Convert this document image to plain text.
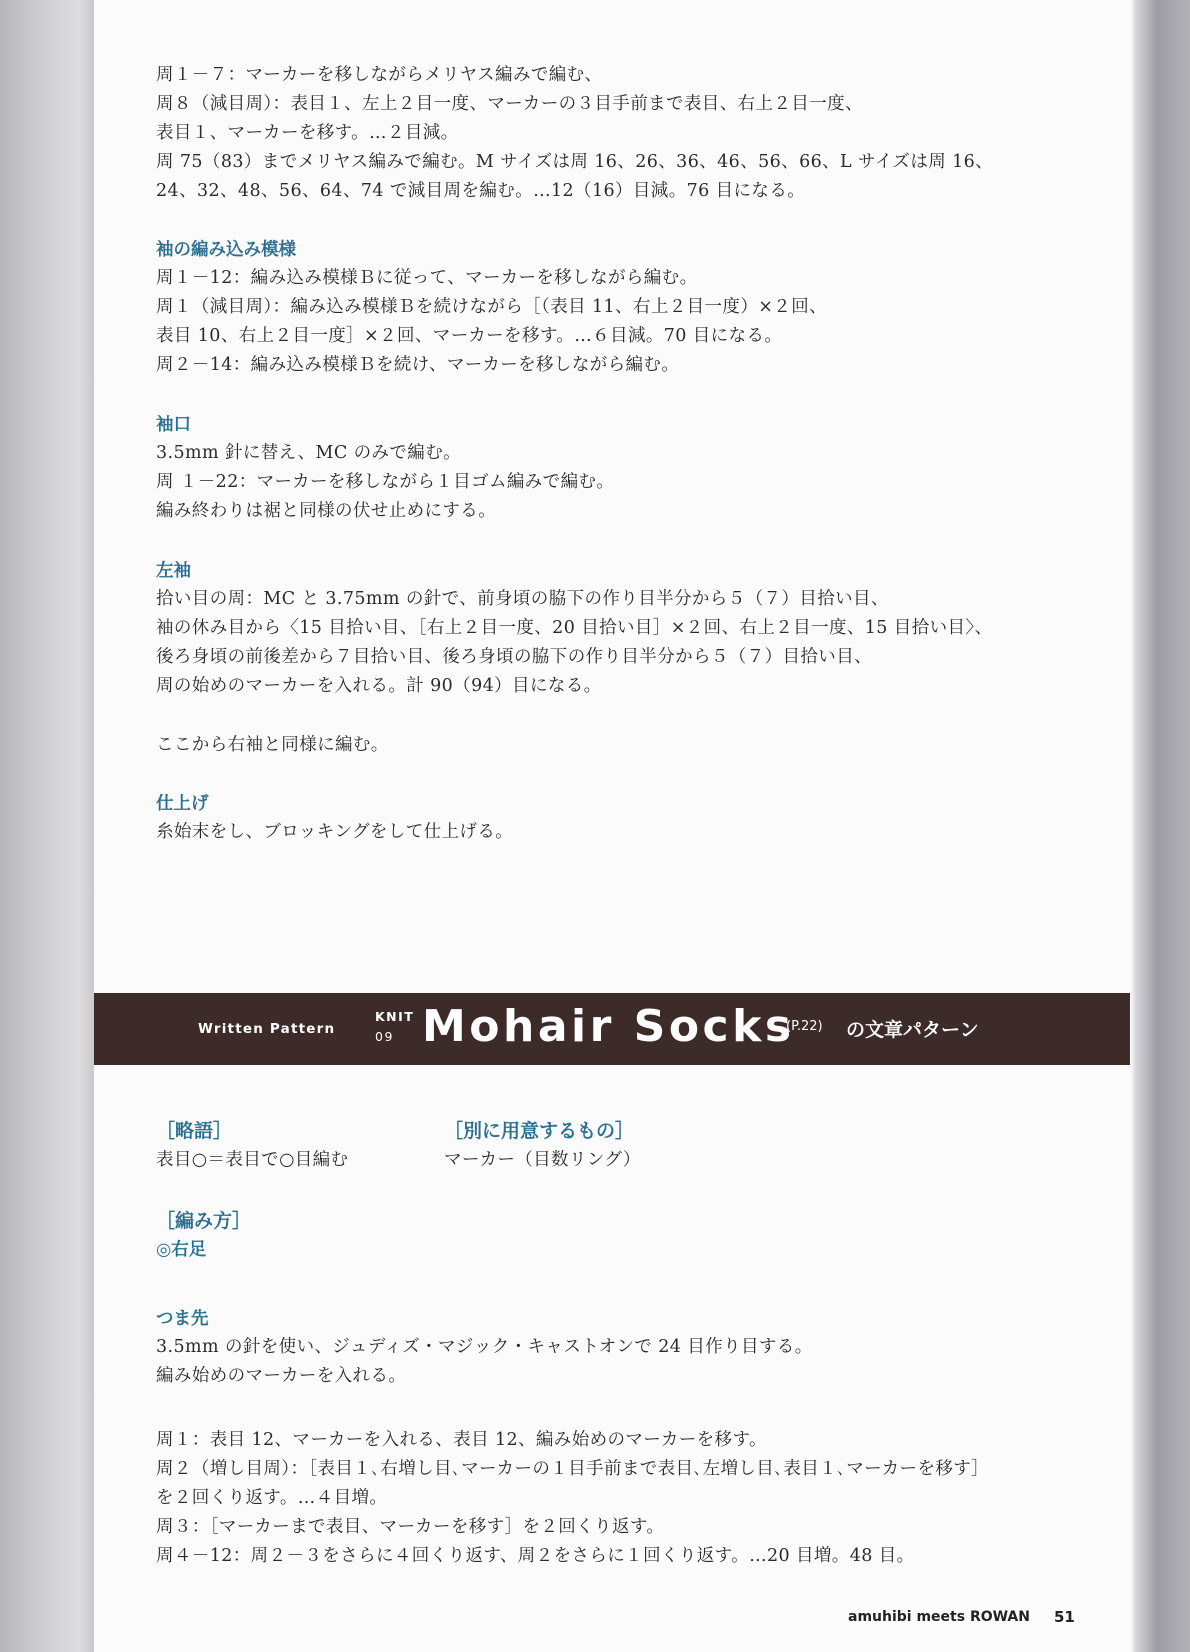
周１－７：マーカーを移しながらメリヤス編みで編む、
周８（減目周）：表目１、左上２目一度、マーカーの３目手前まで表目、右上２目一度、
表目１、マーカーを移す。…２目減。
周 75（83）までメリヤス編みで編む。M サイズは周 16、26、36、46、56、66、L サイズは周 16、
24、32、48、56、64、74 で減目周を編む。…12（16）目減。76 目になる。
袖の編み込み模様
周１－12：編み込み模様Ｂに従って、マーカーを移しながら編む。
周１（減目周）：編み込み模様Ｂを続けながら［（表目 11、右上２目一度）×２回、
表目 10、右上２目一度］×２回、マーカーを移す。…６目減。70 目になる。
周２－14：編み込み模様Ｂを続け、マーカーを移しながら編む。
袖口
3.5mm 針に替え、MC のみで編む。
周 １－22：マーカーを移しながら１目ゴム編みで編む。
編み終わりは裾と同様の伏せ止めにする。
左袖
拾い目の周：MC と 3.75mm の針で、前身頃の脇下の作り目半分から５（７）目拾い目、
袖の休み目から〈15 目拾い目、［右上２目一度、20 目拾い目］×２回、右上２目一度、15 目拾い目〉、
後ろ身頃の前後差から７目拾い目、後ろ身頃の脇下の作り目半分から５（７）目拾い目、
周の始めのマーカーを入れる。計 90（94）目になる。
ここから右袖と同様に編む。
仕上げ
糸始末をし、ブロッキングをして仕上げる。
Written Pattern
KNIT
09 Mohair Socks
(P.22) の文章パターン
［略語］
表目○＝表目で○目編む
［別に用意するもの］
マーカー（目数リング）
［編み方］
◎右足
つま先
3.5mm の針を使い、ジュディズ・マジック・キャストオンで 24 目作り目する。
編み始めのマーカーを入れる。
周１：表目 12、マーカーを入れる、表目 12、編み始めのマーカーを移す。
周２（増し目周）：［表目１､右増し目､マーカーの１目手前まで表目､左増し目､表目１､マーカーを移す］
を２回くり返す。…４目増。
周３：［マーカーまで表目、マーカーを移す］を２回くり返す。
周４－12：周２－３をさらに４回くり返す、周２をさらに１回くり返す。…20 目増。48 目。
amuhibi meets ROWAN 51
